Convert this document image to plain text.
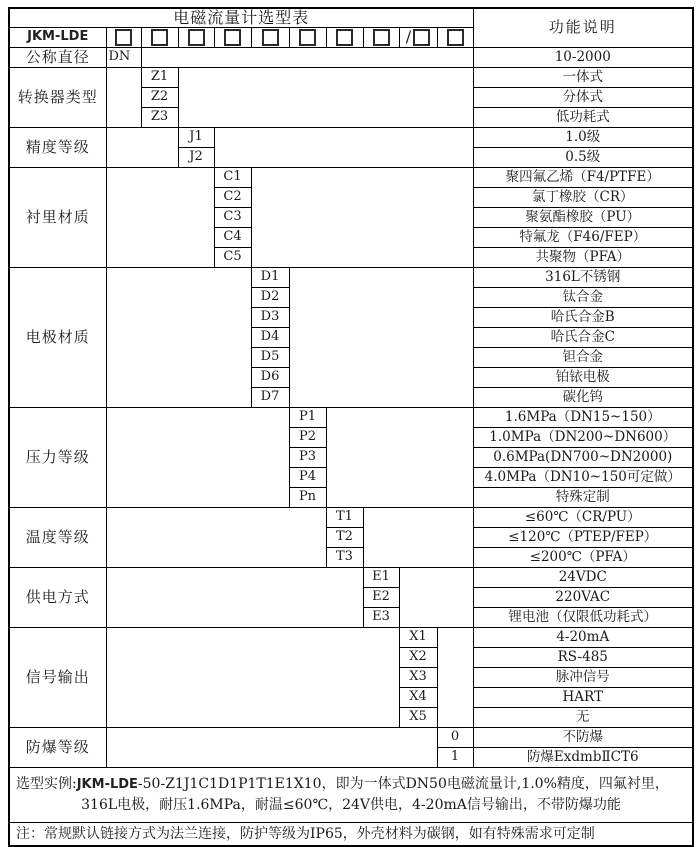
电磁流量计选型表											功能说明
JKM-LDE									/		
公称直径	DN										10-2000
转换器类型		Z1									一体式
		Z2									分体式
		Z3									低功耗式
精度等级			J1								1.0级
			J2								0.5级
衬里材质				C1							聚四氟乙烯（F4/PTFE）
				C2							氯丁橡胶（CR）
				C3							聚氨酯橡胶（PU）
				C4							特氟龙（F46/FEP）
				C5							共聚物（PFA）
电极材质					D1						316L不锈钢
					D2						钛合金
					D3						哈氏合金B
					D4						哈氏合金C
					D5						钽合金
					D6						铂铱电极
					D7						碳化钨
压力等级						P1					1.6MPa（DN15~150）
						P2					1.0MPa（DN200~DN600）
						P3					0.6MPa(DN700~DN2000)
						P4					4.0MPa（DN10~150可定做）
						Pn					特殊定制
温度等级							T1				≤60℃（CR/PU）
							T2				≤120℃（PTEP/FEP）
							T3				≤200℃（PFA）
供电方式								E1			24VDC
								E2			220VAC
								E3			锂电池（仅限低功耗式）
信号输出									X1		4-20mA
									X2		RS-485
									X3		脉冲信号
									X4		HART
									X5		无
防爆等级										0	不防爆
										1	防爆ExdmbⅡCT6
选型实例:JKM-LDE-50-Z1J1C1D1P1T1E1X10，即为一体式DN50电磁流量计,1.0%精度，四氟衬里，
316L电极，耐压1.6MPa，耐温≤60℃，24V供电，4-20mA信号输出，不带防爆功能											

注：常规默认链接方式为法兰连接，防护等级为IP65，外壳材料为碳钢，如有特殊需求可定制											
